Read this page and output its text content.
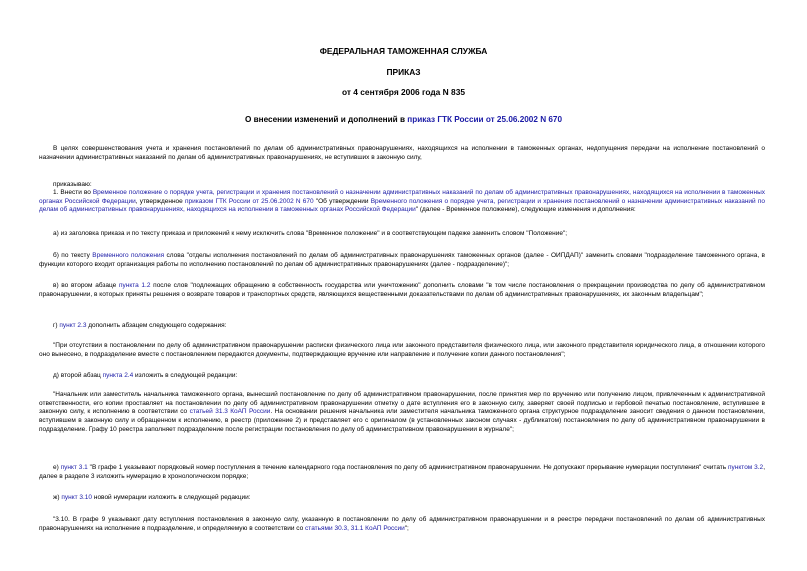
ФЕДЕРАЛЬНАЯ ТАМОЖЕННАЯ СЛУЖБА

ПРИКАЗ

от 4 сентября 2006 года N 835

О внесении изменений и дополнений в приказ ГТК России от 25.06.2002 N 670

В целях совершенствования учета и хранения постановлений по делам об административных правонарушениях, находящихся на исполнении в таможенных органах, недопущения передачи на исполнение постановлений о назначении административных наказаний по делам об административных правонарушениях, не вступивших в законную силу,

приказываю:

1. Внести во Временное положение о порядке учета, регистрации и хранения постановлений о назначении административных наказаний по делам об административных правонарушениях, находящихся на исполнении в таможенных органах Российской Федерации, утвержденное приказом ГТК России от 25.06.2002 N 670 "Об утверждении Временного положения о порядке учета, регистрации и хранения постановлений о назначении административных наказаний по делам об административных правонарушениях, находящихся на исполнении в таможенных органах Российской Федерации" (далее - Временное положение), следующие изменения и дополнения:

а) из заголовка приказа и по тексту приказа и приложений к нему исключить слова "Временное положение" и в соответствующем падеже заменить словом "Положение";

б) по тексту Временного положения слова "отделы исполнения постановлений по делам об административных правонарушениях таможенных органов (далее - ОИПДАП)" заменить словами "подразделение таможенного органа, в функции которого входит организация работы по исполнению постановлений по делам об административных правонарушениях (далее - подразделение)";

в) во втором абзаце пункта 1.2 после слов "подлежащих обращению в собственность государства или уничтожению" дополнить словами "в том числе постановления о прекращении производства по делу об административном правонарушении, в которых приняты решения о возврате товаров и транспортных средств, являющихся вещественными доказательствами по делам об административных правонарушениях, их законным владельцам";

г) пункт 2.3 дополнить абзацем следующего содержания:

"При отсутствии в постановлении по делу об административном правонарушении расписки физического лица или законного представителя физического лица, или законного представителя юридического лица, в отношении которого оно вынесено, в подразделение вместе с постановлением передаются документы, подтверждающие вручение или направление и получение копии данного постановления";

д) второй абзац пункта 2.4 изложить в следующей редакции:

"Начальник или заместитель начальника таможенного органа, вынесший постановление по делу об административном правонарушении, после принятия мер по вручению или получению лицом, привлеченным к административной ответственности, его копии проставляет на постановлении по делу об административном правонарушении отметку о дате вступления его в законную силу, заверяет своей подписью и гербовой печатью постановление, вступившее в законную силу, к исполнению в соответствии со статьей 31.3 КоАП России. На основании решения начальника или заместителя начальника таможенного органа структурное подразделение заносит сведения о данном постановлении, вступившем в законную силу и обращенном к исполнению, в реестр (приложение 2) и представляет его с оригиналом (в установленных законом случаях - дубликатом) постановления по делу об административном правонарушении в подразделение. Графу 10 реестра заполняет подразделение после регистрации постановления по делу об административном правонарушении в журнале";

е) пункт 3.1 "В графе 1 указывают порядковый номер поступления в течение календарного года постановления по делу об административном правонарушении. Не допускают прерывание нумерации поступления" считать пунктом 3.2, далее в разделе 3 изложить нумерацию в хронологическом порядке;

ж) пункт 3.10 новой нумерации изложить в следующей редакции:

"3.10. В графе 9 указывают дату вступления постановления в законную силу, указанную в постановлении по делу об административном правонарушении и в реестре передачи постановлений по делам об административных правонарушениях на исполнение в подразделение, и определяемую в соответствии со статьями 30.3, 31.1 КоАП России";
